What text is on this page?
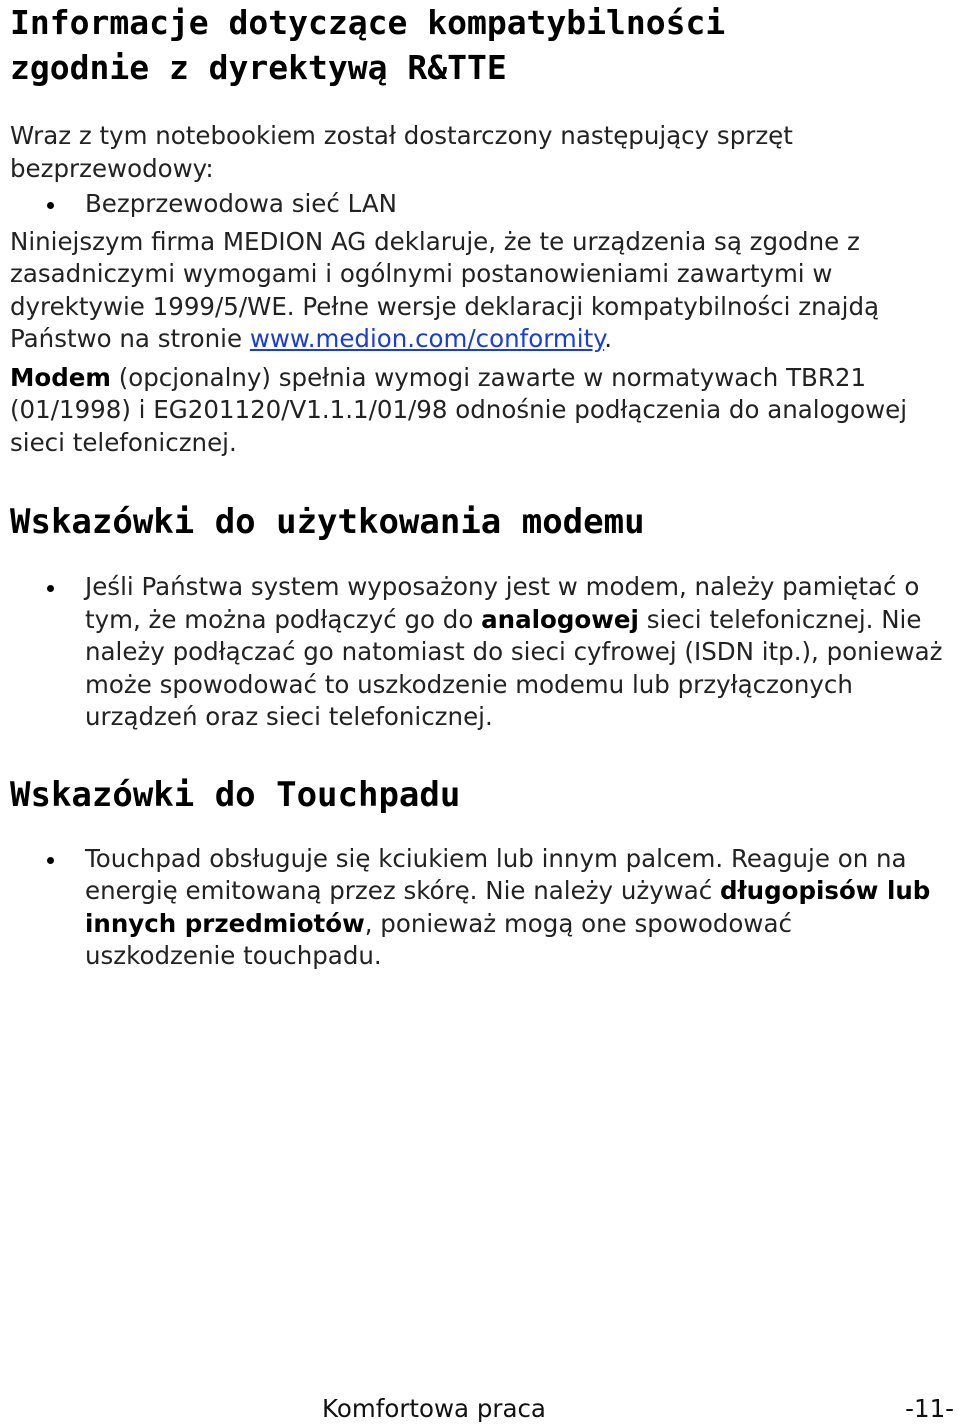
Informacje dotyczące kompatybilności
zgodnie z dyrektywą R&TTE

Wraz z tym notebookiem został dostarczony następujący sprzęt bezprzewodowy:

Bezprzewodowa sieć LAN

Niniejszym firma MEDION AG deklaruje, że te urządzenia są zgodne z zasadniczymi wymogami i ogólnymi postanowieniami zawartymi w dyrektywie 1999/5/WE. Pełne wersje deklaracji kompatybilności znajdą Państwo na stronie www.medion.com/conformity.

Modem (opcjonalny) spełnia wymogi zawarte w normatywach TBR21 (01/1998) i EG201120/V1.1.1/01/98 odnośnie podłączenia do analogowej sieci telefonicznej.

Wskazówki do użytkowania modemu
Jeśli Państwa system wyposażony jest w modem, należy pamiętać o tym, że można podłączyć go do analogowej sieci telefonicznej. Nie należy podłączać go natomiast do sieci cyfrowej (ISDN itp.), ponieważ może spowodować to uszkodzenie modemu lub przyłączonych urządzeń oraz sieci telefonicznej.
Wskazówki do Touchpadu
Touchpad obsługuje się kciukiem lub innym palcem. Reaguje on na energię emitowaną przez skórę. Nie należy używać długopisów lub innych przedmiotów, ponieważ mogą one spowodować uszkodzenie touchpadu.
Komfortowa praca	-11-
